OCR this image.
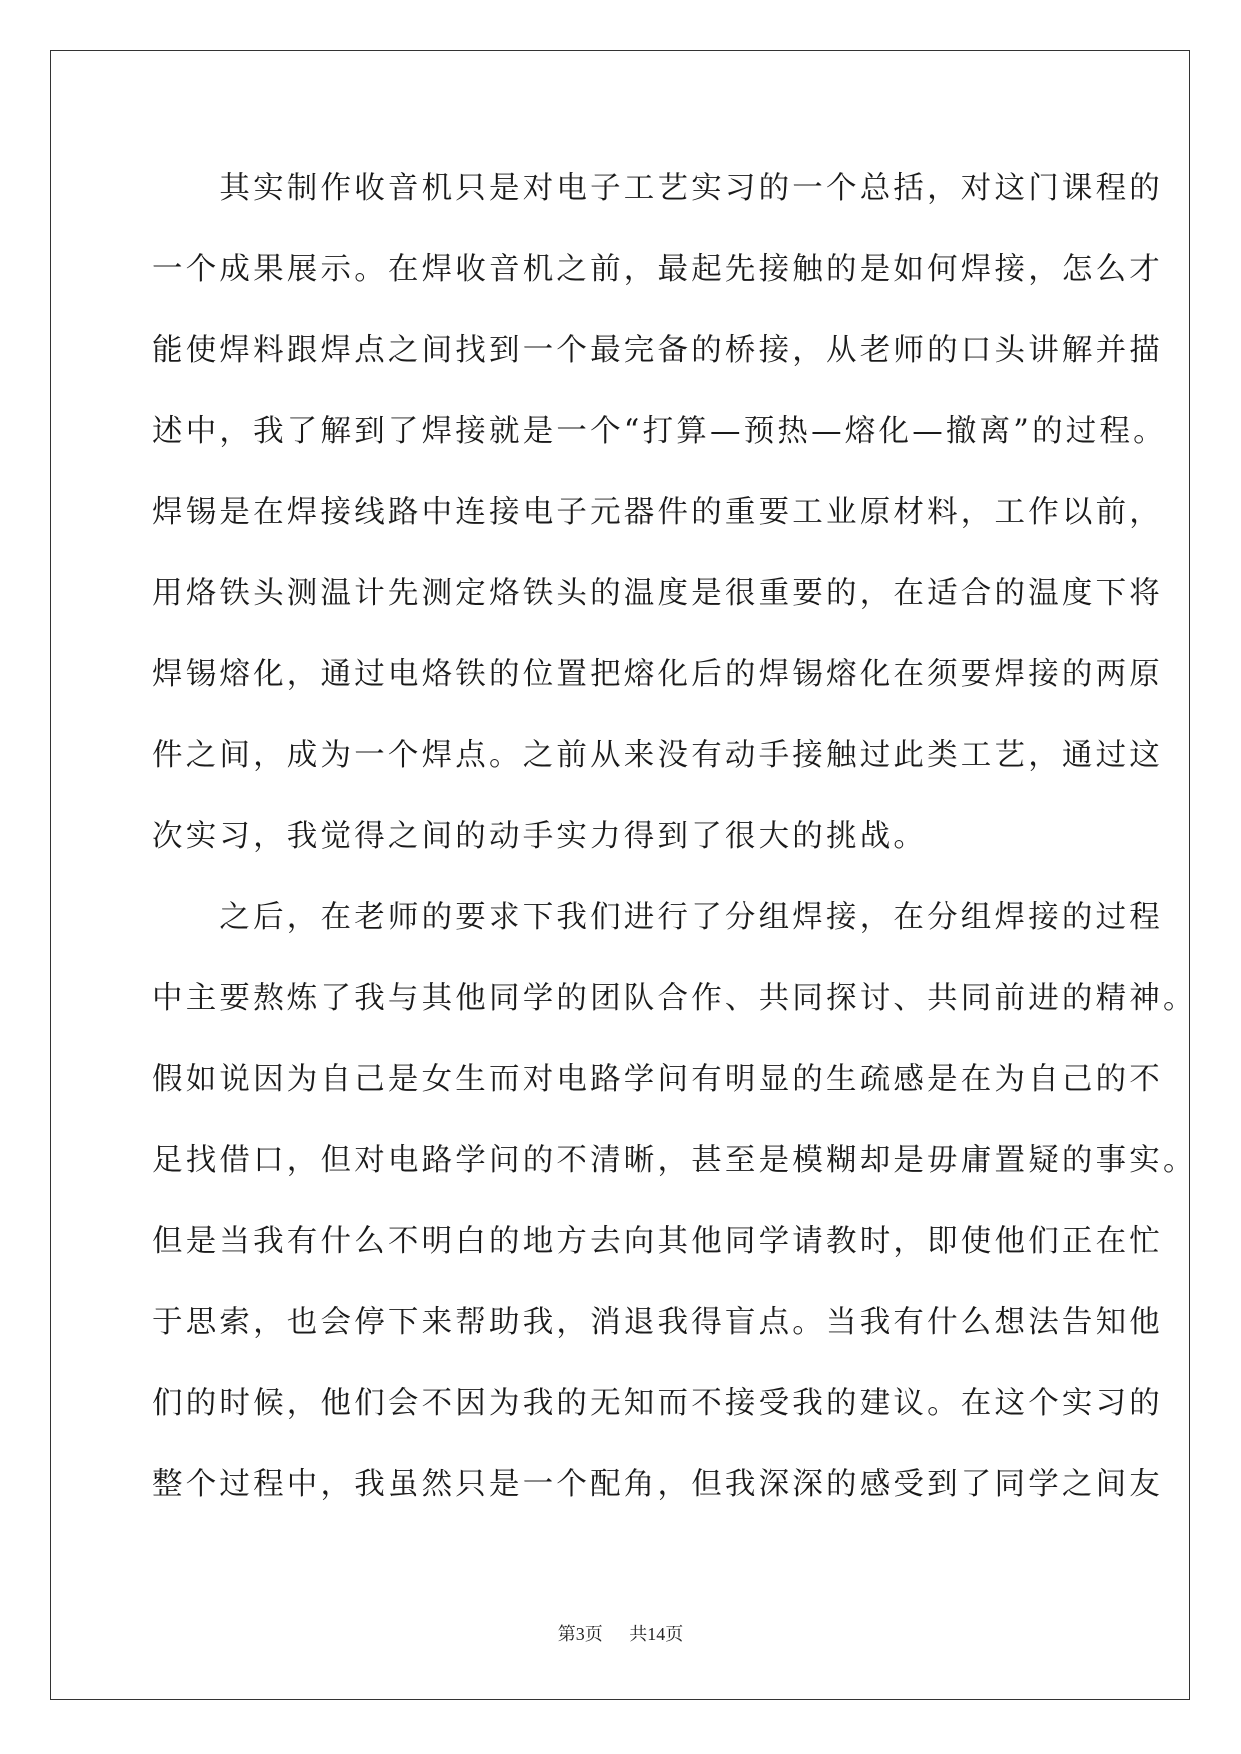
　　其实制作收音机只是对电子工艺实习的一个总括，对这门课程的
一个成果展示。在焊收音机之前，最起先接触的是如何焊接，怎么才
能使焊料跟焊点之间找到一个最完备的桥接，从老师的口头讲解并描
述中，我了解到了焊接就是一个“打算—预热—熔化—撤离”的过程。
焊锡是在焊接线路中连接电子元器件的重要工业原材料，工作以前，
用烙铁头测温计先测定烙铁头的温度是很重要的，在适合的温度下将
焊锡熔化，通过电烙铁的位置把熔化后的焊锡熔化在须要焊接的两原
件之间，成为一个焊点。之前从来没有动手接触过此类工艺，通过这
次实习，我觉得之间的动手实力得到了很大的挑战。
　　之后，在老师的要求下我们进行了分组焊接，在分组焊接的过程
中主要熬炼了我与其他同学的团队合作、共同探讨、共同前进的精神。
假如说因为自己是女生而对电路学问有明显的生疏感是在为自己的不
足找借口，但对电路学问的不清晰，甚至是模糊却是毋庸置疑的事实。
但是当我有什么不明白的地方去向其他同学请教时，即使他们正在忙
于思索，也会停下来帮助我，消退我得盲点。当我有什么想法告知他
们的时候，他们会不因为我的无知而不接受我的建议。在这个实习的
整个过程中，我虽然只是一个配角，但我深深的感受到了同学之间友
第3页 共14页
